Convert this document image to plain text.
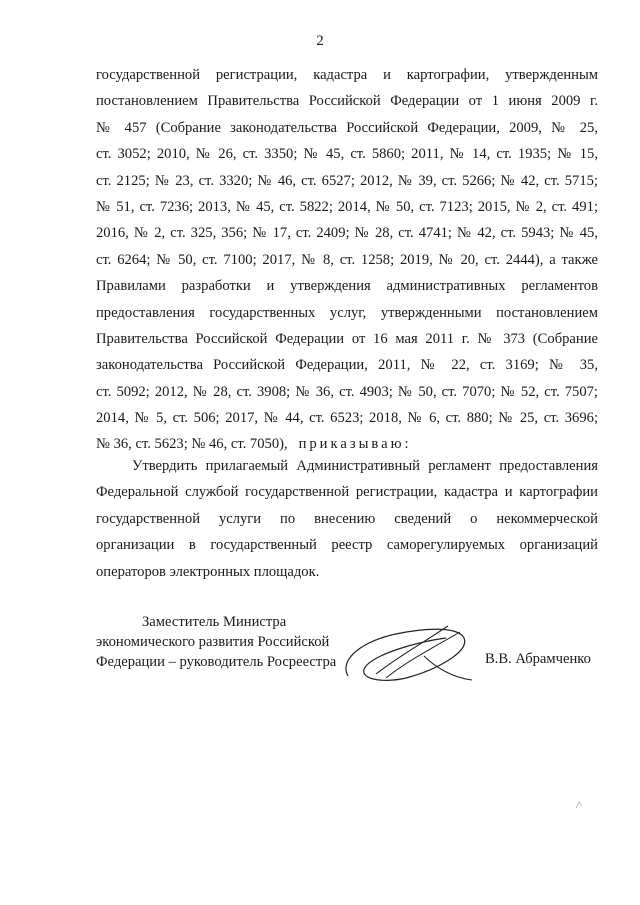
2
государственной регистрации, кадастра и картографии, утвержденным
постановлением Правительства Российской Федерации от 1 июня 2009 г.
№ 457 (Собрание законодательства Российской Федерации, 2009, № 25,
ст. 3052; 2010, № 26, ст. 3350; № 45, ст. 5860; 2011, № 14, ст. 1935; № 15,
ст. 2125; № 23, ст. 3320; № 46, ст. 6527; 2012, № 39, ст. 5266; № 42, ст. 5715;
№ 51, ст. 7236; 2013, № 45, ст. 5822; 2014, № 50, ст. 7123; 2015, № 2, ст. 491;
2016, № 2, ст. 325, 356; № 17, ст. 2409; № 28, ст. 4741; № 42, ст. 5943; № 45,
ст. 6264; № 50, ст. 7100; 2017, № 8, ст. 1258; 2019, № 20, ст. 2444), а также
Правилами разработки и утверждения административных регламентов
предоставления государственных услуг, утвержденными постановлением
Правительства Российской Федерации от 16 мая 2011 г. № 373 (Собрание
законодательства Российской Федерации, 2011, № 22, ст. 3169; № 35,
ст. 5092; 2012, № 28, ст. 3908; № 36, ст. 4903; № 50, ст. 7070; № 52, ст. 7507;
2014, № 5, ст. 506; 2017, № 44, ст. 6523; 2018, № 6, ст. 880; № 25, ст. 3696;
№ 36, ст. 5623; № 46, ст. 7050), приказываю:
Утвердить прилагаемый Административный регламент предоставления
Федеральной службой государственной регистрации, кадастра и картографии
государственной услуги по внесению сведений о некоммерческой
организации в государственный реестр саморегулируемых организаций
операторов электронных площадок.
Заместитель Министра
экономического развития Российской
Федерации – руководитель Росреестра	В.В. Абрамченко
